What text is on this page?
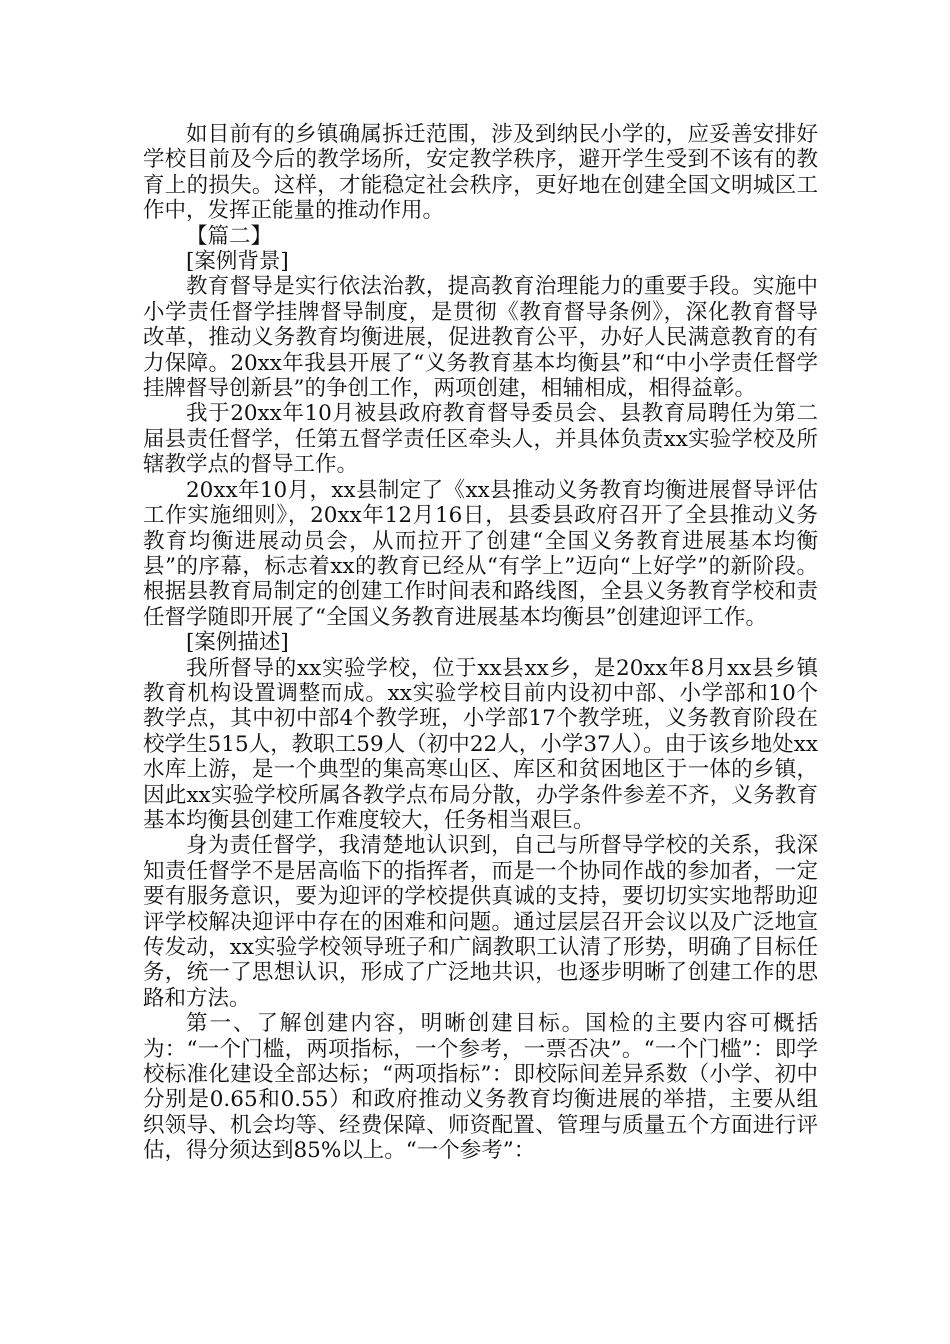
如目前有的乡镇确属拆迁范围，涉及到纳民小学的，应妥善安排好学校目前及今后的教学场所，安定教学秩序，避开学生受到不该有的教育上的损失。这样，才能稳定社会秩序，更好地在创建全国文明城区工作中，发挥正能量的推动作用。

【篇二】

[案例背景]

教育督导是实行依法治教，提高教育治理能力的重要手段。实施中小学责任督学挂牌督导制度，是贯彻《教育督导条例》，深化教育督导改革，推动义务教育均衡进展，促进教育公平，办好人民满意教育的有力保障。20xx年我县开展了“义务教育基本均衡县”和“中小学责任督学挂牌督导创新县”的争创工作，两项创建，相辅相成，相得益彰。

我于20xx年10月被县政府教育督导委员会、县教育局聘任为第二届县责任督学，任第五督学责任区牵头人，并具体负责xx实验学校及所辖教学点的督导工作。

20xx年10月，xx县制定了《xx县推动义务教育均衡进展督导评估工作实施细则》，20xx年12月16日，县委县政府召开了全县推动义务教育均衡进展动员会，从而拉开了创建“全国义务教育进展基本均衡县”的序幕，标志着xx的教育已经从“有学上”迈向“上好学”的新阶段。根据县教育局制定的创建工作时间表和路线图，全县义务教育学校和责任督学随即开展了“全国义务教育进展基本均衡县”创建迎评工作。

[案例描述]

我所督导的xx实验学校，位于xx县xx乡，是20xx年8月xx县乡镇教育机构设置调整而成。xx实验学校目前内设初中部、小学部和10个教学点，其中初中部4个教学班，小学部17个教学班，义务教育阶段在校学生515人，教职工59人（初中22人，小学37人）。由于该乡地处xx水库上游，是一个典型的集高寒山区、库区和贫困地区于一体的乡镇，因此xx实验学校所属各教学点布局分散，办学条件参差不齐，义务教育基本均衡县创建工作难度较大，任务相当艰巨。

身为责任督学，我清楚地认识到，自己与所督导学校的关系，我深知责任督学不是居高临下的指挥者，而是一个协同作战的参加者，一定要有服务意识，要为迎评的学校提供真诚的支持，要切切实实地帮助迎评学校解决迎评中存在的困难和问题。通过层层召开会议以及广泛地宣传发动，xx实验学校领导班子和广阔教职工认清了形势，明确了目标任务，统一了思想认识，形成了广泛地共识，也逐步明晰了创建工作的思路和方法。

第一、了解创建内容，明晰创建目标。国检的主要内容可概括为：“一个门槛，两项指标，一个参考，一票否决”。“一个门槛”：即学校标准化建设全部达标；“两项指标”：即校际间差异系数（小学、初中分别是0.65和0.55）和政府推动义务教育均衡进展的举措，主要从组织领导、机会均等、经费保障、师资配置、管理与质量五个方面进行评估，得分须达到85%以上。“一个参考”：
